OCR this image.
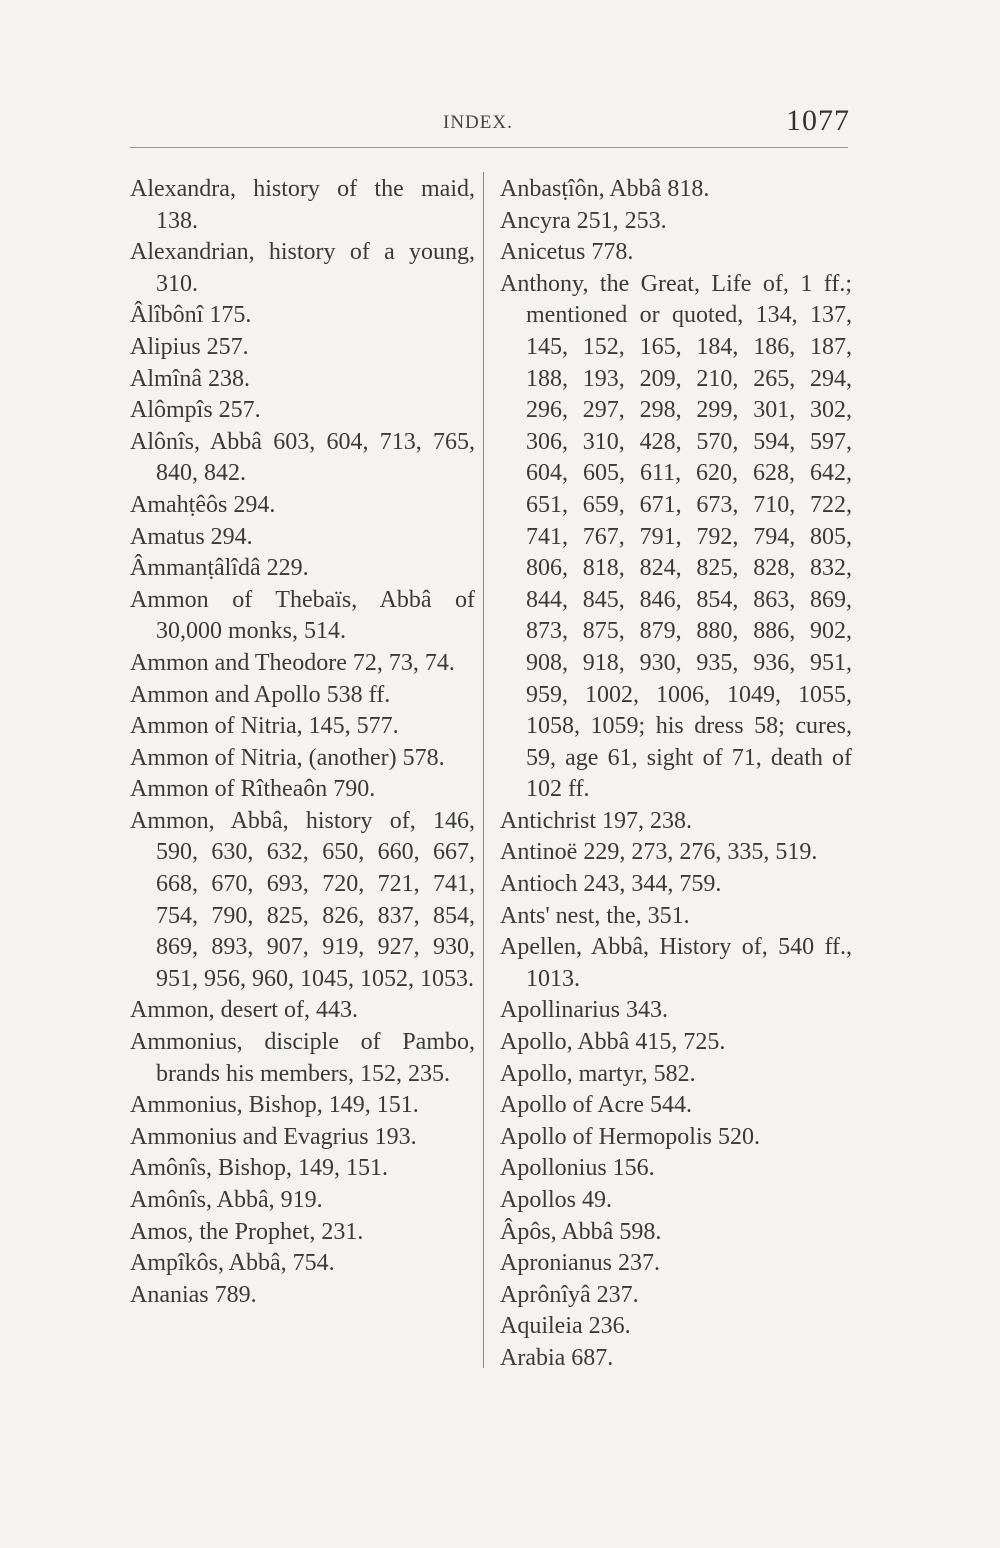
INDEX.	1077
Alexandra, history of the maid, 138.
Alexandrian, history of a young, 310.
Âlîbônî 175.
Alipius 257.
Almînâ 238.
Alômpîs 257.
Alônîs, Abbâ 603, 604, 713, 765, 840, 842.
Amahṭêôs 294.
Amatus 294.
Âmmanṭâlîdâ 229.
Ammon of Thebaïs, Abbâ of 30,000 monks, 514.
Ammon and Theodore 72, 73, 74.
Ammon and Apollo 538 ff.
Ammon of Nitria, 145, 577.
Ammon of Nitria, (another) 578.
Ammon of Rîtheaôn 790.
Ammon, Abbâ, history of, 146, 590, 630, 632, 650, 660, 667, 668, 670, 693, 720, 721, 741, 754, 790, 825, 826, 837, 854, 869, 893, 907, 919, 927, 930, 951, 956, 960, 1045, 1052, 1053.
Ammon, desert of, 443.
Ammonius, disciple of Pambo, brands his members, 152, 235.
Ammonius, Bishop, 149, 151.
Ammonius and Evagrius 193.
Amônîs, Bishop, 149, 151.
Amônîs, Abbâ, 919.
Amos, the Prophet, 231.
Ampîkôs, Abbâ, 754.
Ananias 789.
Anbasṭîôn, Abbâ 818.
Ancyra 251, 253.
Anicetus 778.
Anthony, the Great, Life of, 1 ff.; mentioned or quoted, 134, 137, 145, 152, 165, 184, 186, 187, 188, 193, 209, 210, 265, 294, 296, 297, 298, 299, 301, 302, 306, 310, 428, 570, 594, 597, 604, 605, 611, 620, 628, 642, 651, 659, 671, 673, 710, 722, 741, 767, 791, 792, 794, 805, 806, 818, 824, 825, 828, 832, 844, 845, 846, 854, 863, 869, 873, 875, 879, 880, 886, 902, 908, 918, 930, 935, 936, 951, 959, 1002, 1006, 1049, 1055, 1058, 1059; his dress 58; cures, 59, age 61, sight of 71, death of 102 ff.
Antichrist 197, 238.
Antinoë 229, 273, 276, 335, 519.
Antioch 243, 344, 759.
Ants' nest, the, 351.
Apellen, Abbâ, History of, 540 ff., 1013.
Apollinarius 343.
Apollo, Abbâ 415, 725.
Apollo, martyr, 582.
Apollo of Acre 544.
Apollo of Hermopolis 520.
Apollonius 156.
Apollos 49.
Âpôs, Abbâ 598.
Apronianus 237.
Aprônîyâ 237.
Aquileia 236.
Arabia 687.
